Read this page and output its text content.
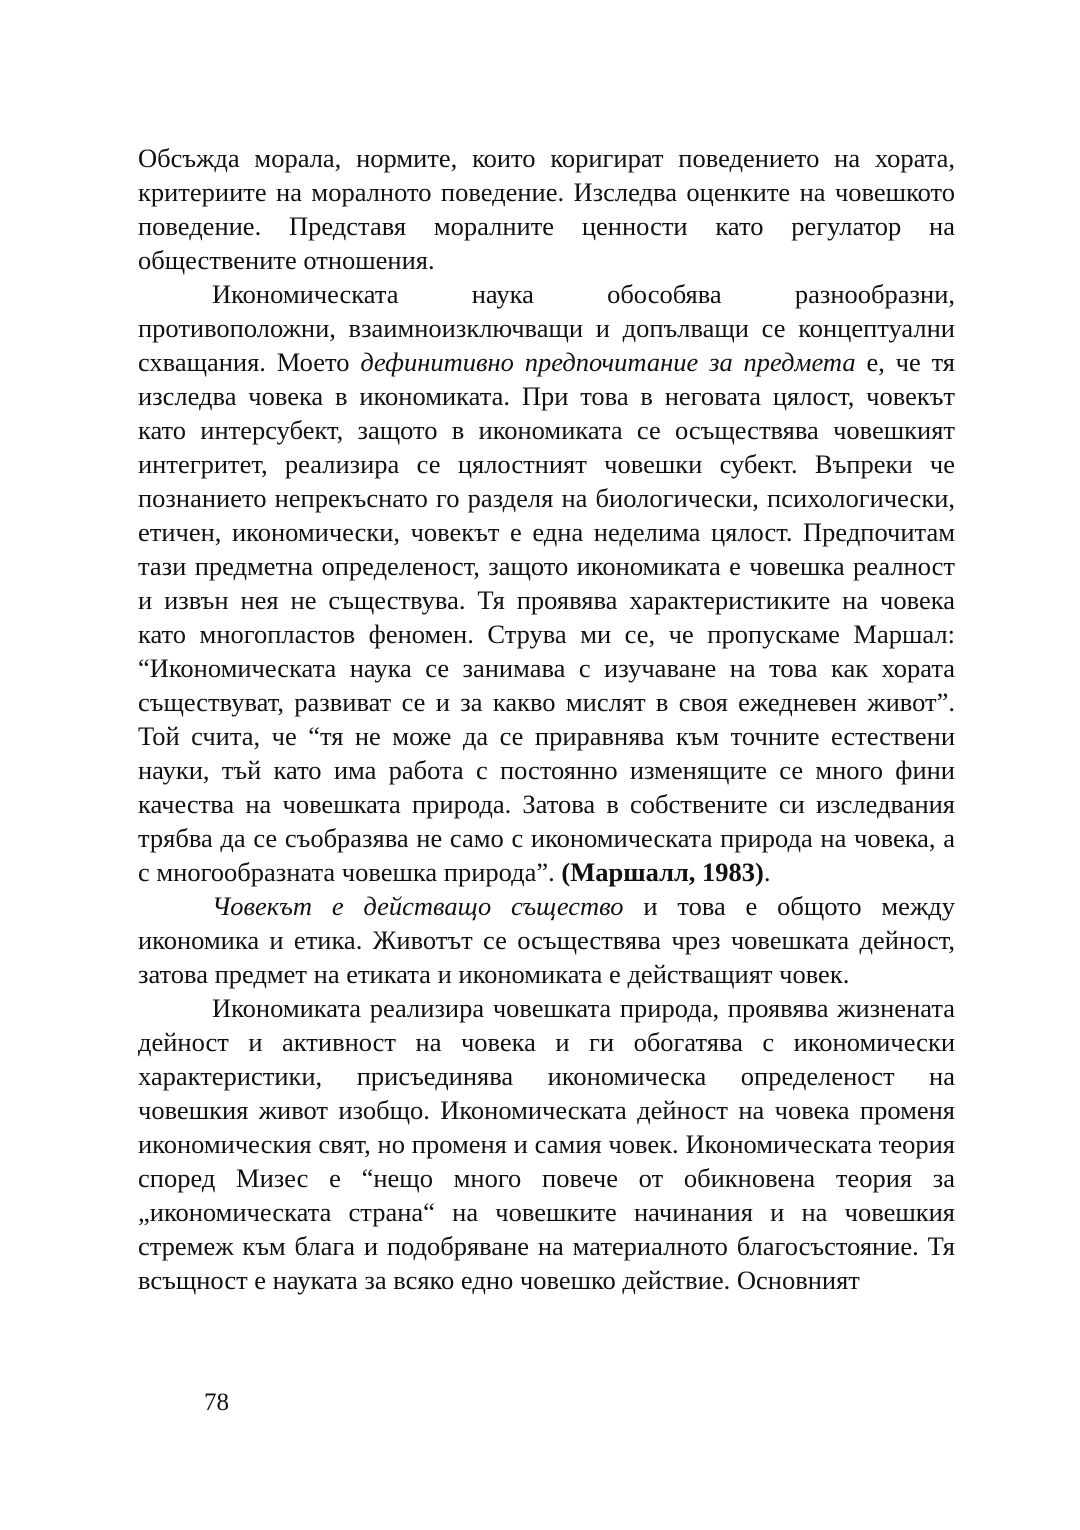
Обсъжда морала, нормите, които коригират поведението на хората, критериите на моралното поведение. Изследва оценките на човешкото поведение. Представя моралните ценности като регулатор на обществените отношения.

Икономическата наука обособява разнообразни, противоположни, взаимноизключващи и допълващи се концептуални схващания. Моето дефинитивно предпочитание за предмета е, че тя изследва човека в икономиката. При това в неговата цялост, човекът като интерсубект, защото в икономиката се осъществява човешкият интегритет, реализира се цялостният човешки субект. Въпреки че познанието непрекъснато го разделя на биологически, психологически, етичен, икономически, човекът е една неделима цялост. Предпочитам тази предметна определеност, защото икономиката е човешка реалност и извън нея не съществува. Тя проявява характеристиките на човека като многопластов феномен. Струва ми се, че пропускаме Маршал: “Икономическата наука се занимава с изучаване на това как хората съществуват, развиват се и за какво мислят в своя ежедневен живот”. Той счита, че “тя не може да се приравнява към точните естествени науки, тъй като има работа с постоянно изменящите се много фини качества на човешката природа. Затова в собствените си изследвания трябва да се съобразява не само с икономическата природа на човека, а с многообразната човешка природа”. (Маршалл, 1983).

Човекът е действащо същество и това е общото между икономика и етика. Животът се осъществява чрез човешката дейност, затова предмет на етиката и икономиката е действащият човек.

Икономиката реализира човешката природа, проявява жизнената дейност и активност на човека и ги обогатява с икономически характеристики, присъединява икономическа определеност на човешкия живот изобщо. Икономическата дейност на човека променя икономическия свят, но променя и самия човек. Икономическата теория според Мизес е “нещо много повече от обикновена теория за „икономическата страна“ на човешките начинания и на човешкия стремеж към блага и подобряване на материалното благосъстояние. Тя всъщност е науката за всяко едно човешко действие. Основният

78
